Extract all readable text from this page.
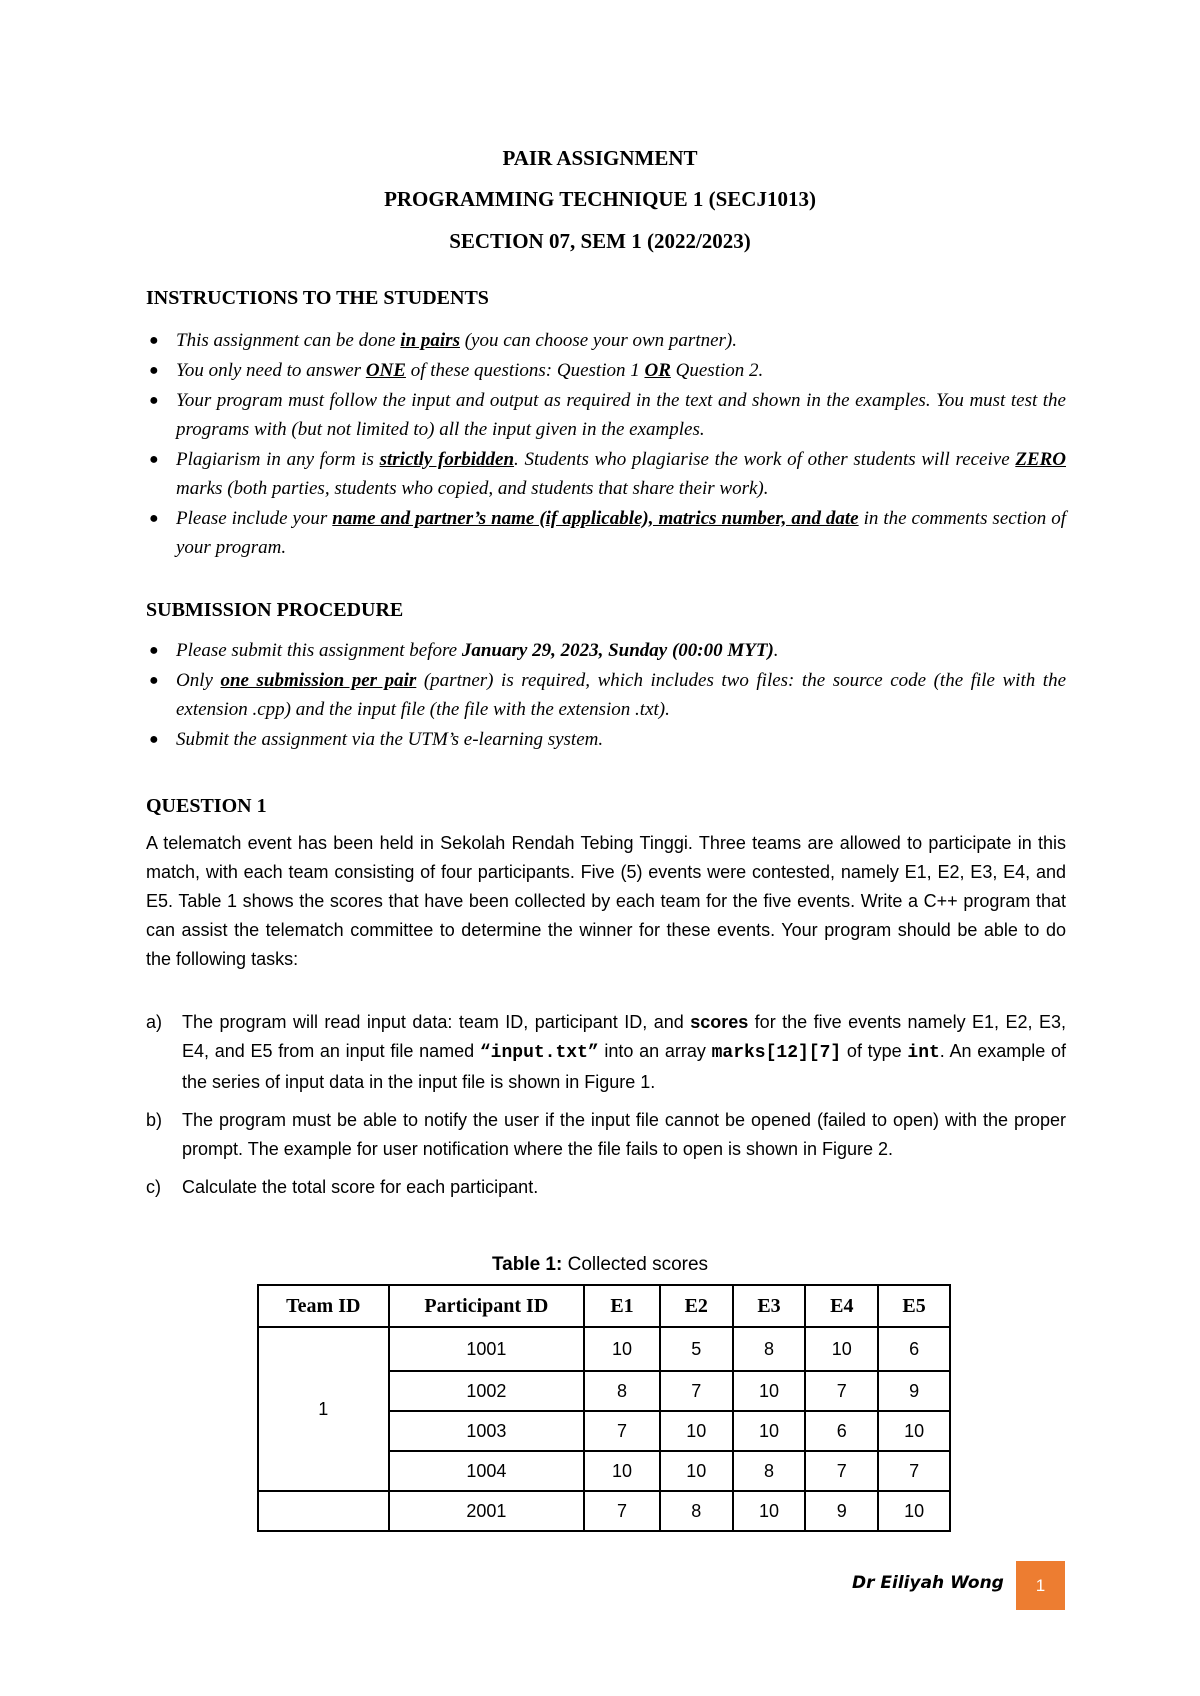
PAIR ASSIGNMENT
PROGRAMMING TECHNIQUE 1 (SECJ1013)
SECTION 07, SEM 1 (2022/2023)
INSTRUCTIONS TO THE STUDENTS
● This assignment can be done in pairs (you can choose your own partner).
● You only need to answer ONE of these questions: Question 1 OR Question 2.
● Your program must follow the input and output as required in the text and shown in the examples. You must test the programs with (but not limited to) all the input given in the examples.
● Plagiarism in any form is strictly forbidden. Students who plagiarise the work of other students will receive ZERO marks (both parties, students who copied, and students that share their work).
● Please include your name and partner’s name (if applicable), matrics number, and date in the comments section of your program.
SUBMISSION PROCEDURE
● Please submit this assignment before January 29, 2023, Sunday (00:00 MYT).
● Only one submission per pair (partner) is required, which includes two files: the source code (the file with the extension .cpp) and the input file (the file with the extension .txt).
● Submit the assignment via the UTM’s e-learning system.
QUESTION 1

A telematch event has been held in Sekolah Rendah Tebing Tinggi. Three teams are allowed to participate in this match, with each team consisting of four participants. Five (5) events were contested, namely E1, E2, E3, E4, and E5. Table 1 shows the scores that have been collected by each team for the five events. Write a C++ program that can assist the telematch committee to determine the winner for these events. Your program should be able to do the following tasks:

a) The program will read input data: team ID, participant ID, and scores for the five events namely E1, E2, E3, E4, and E5 from an input file named “input.txt” into an array marks[12][7] of type int. An example of the series of input data in the input file is shown in Figure 1.
b) The program must be able to notify the user if the input file cannot be opened (failed to open) with the proper prompt. The example for user notification where the file fails to open is shown in Figure 2.
c) Calculate the total score for each participant.
Table 1: Collected scores
Team ID	Participant ID	E1	E2	E3	E4	E5
1	1001	10	5	8	10	6
	1002	8	7	10	7	9
	1003	7	10	10	6	10
	1004	10	10	8	7	7
	2001	7	8	10	9	10
Dr Eiliyah Wong	1
